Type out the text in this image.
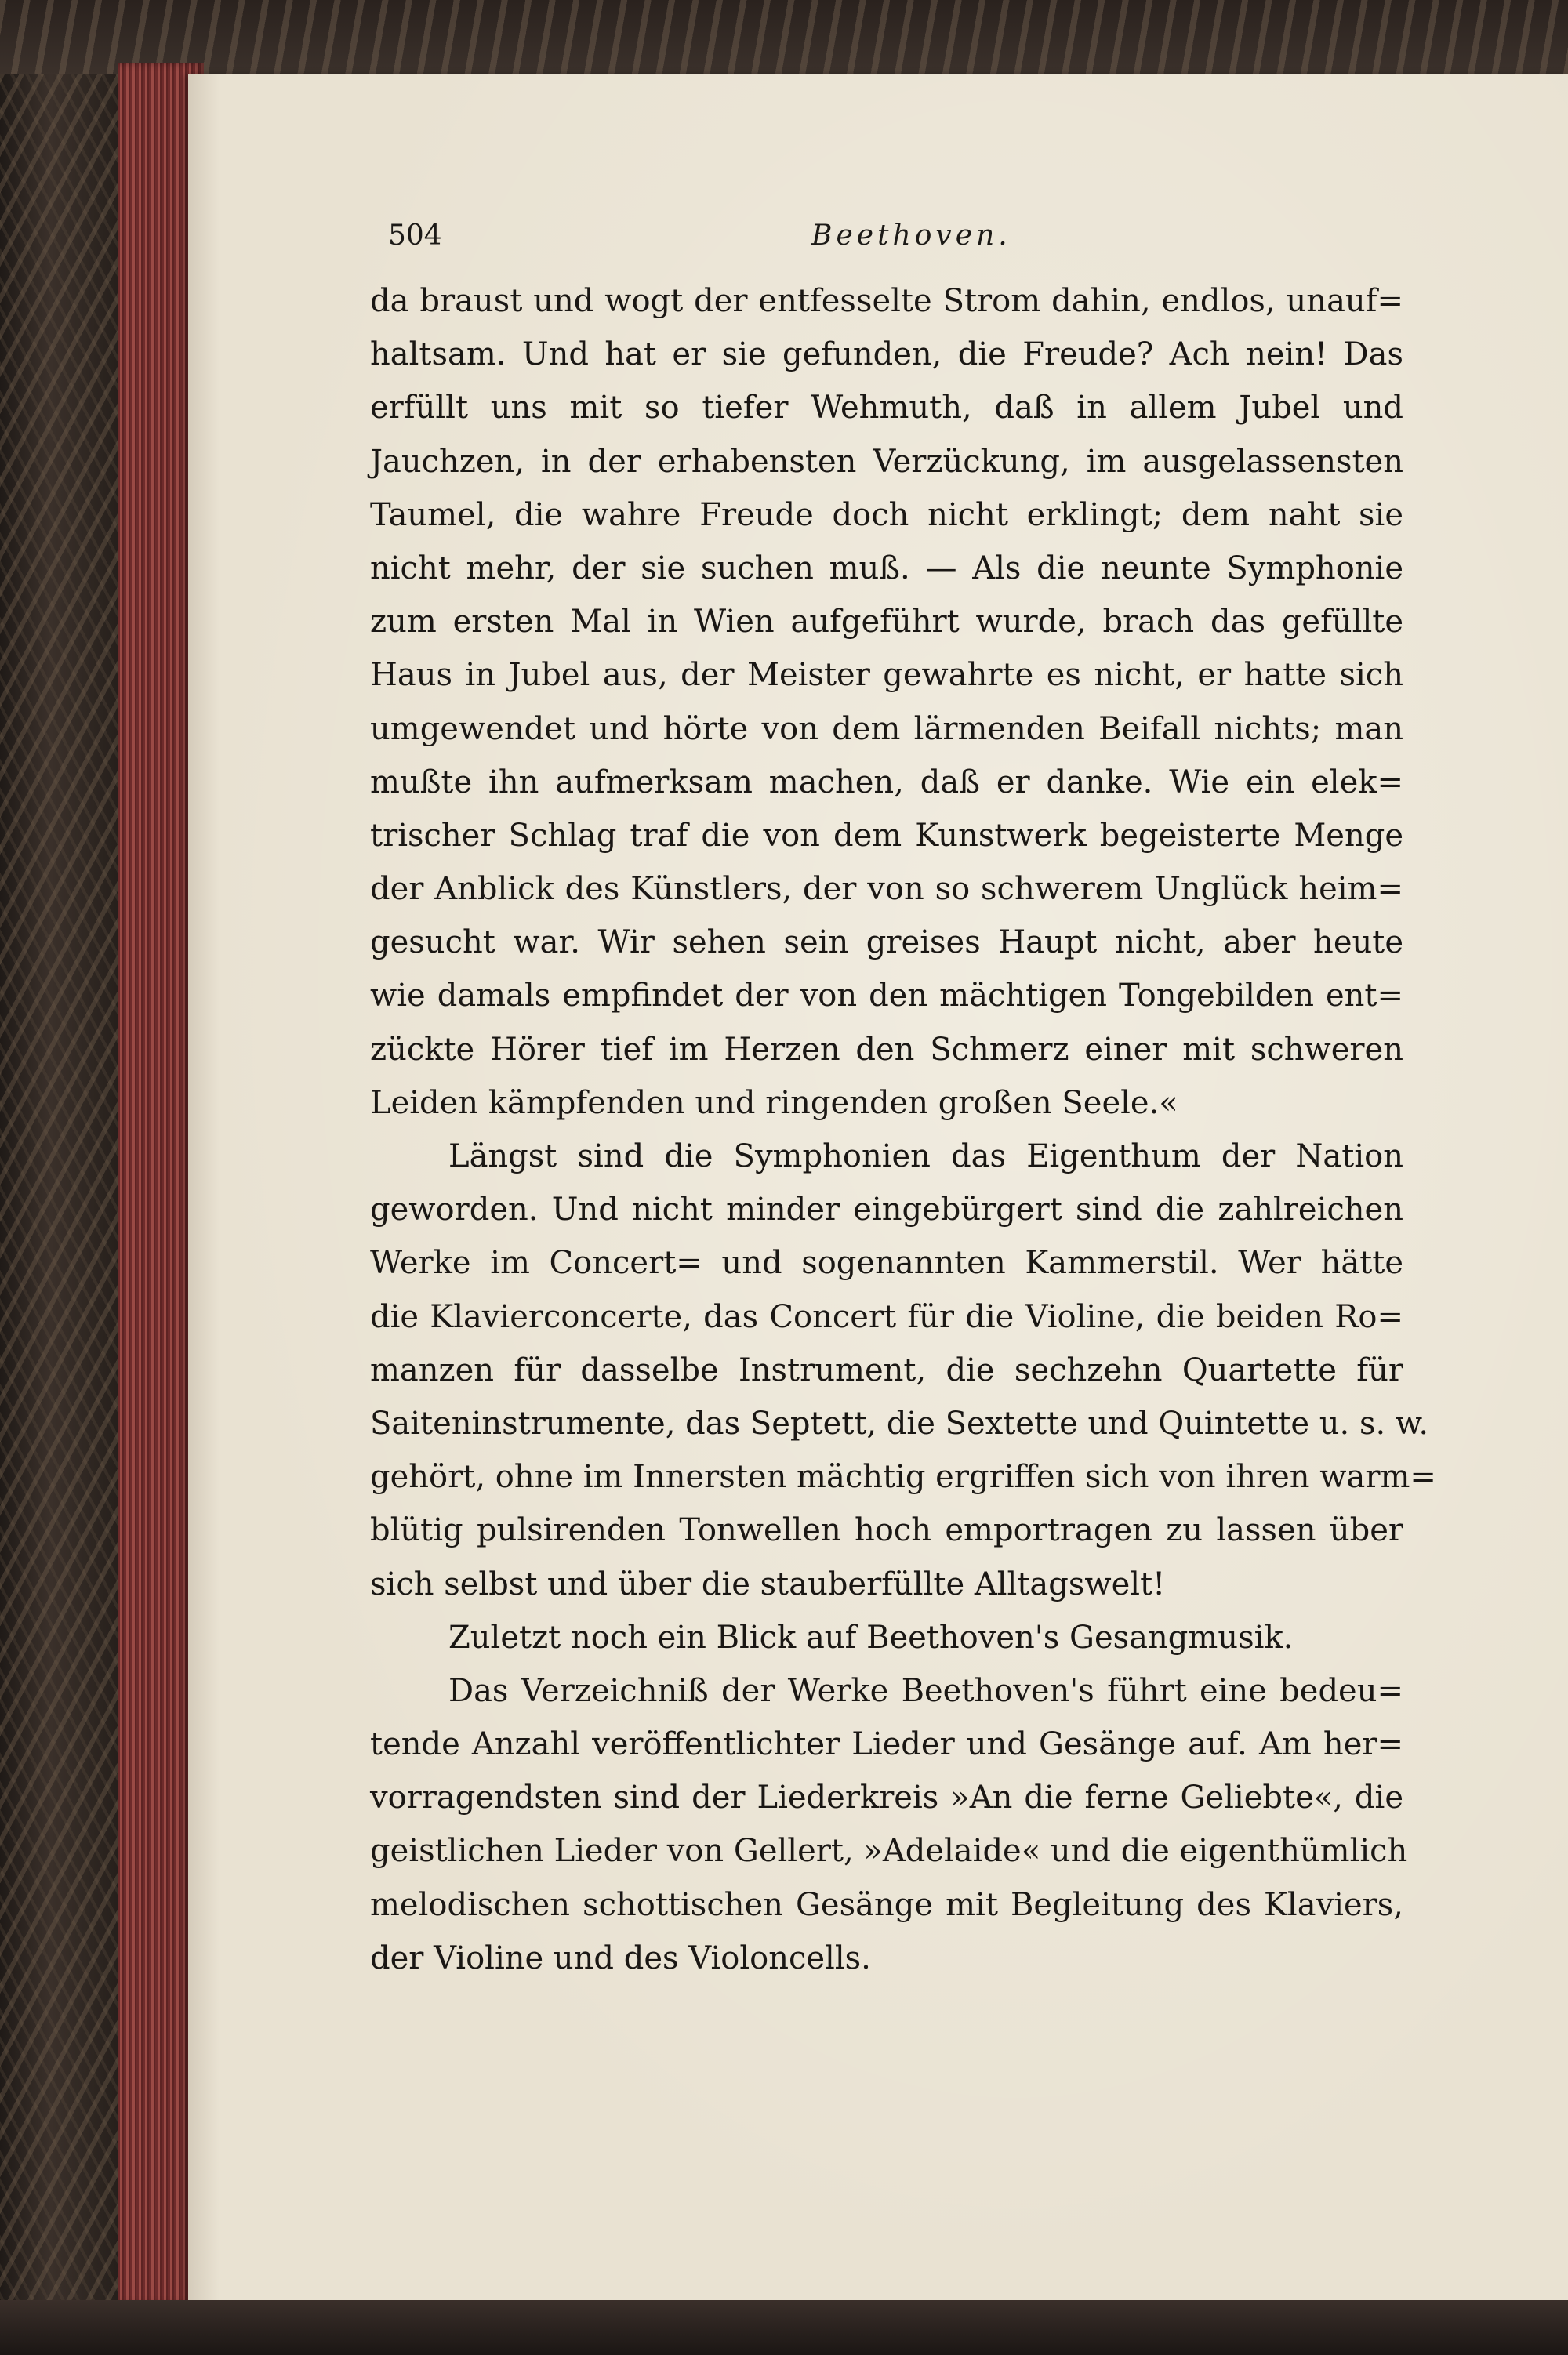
504	Beethoven.
da braust und wogt der entfesselte Strom dahin, endlos, unauf=
haltsam. Und hat er sie gefunden, die Freude? Ach nein! Das
erfüllt uns mit so tiefer Wehmuth, daß in allem Jubel und
Jauchzen, in der erhabensten Verzückung, im ausgelassensten
Taumel, die wahre Freude doch nicht erklingt; dem naht sie
nicht mehr, der sie suchen muß. — Als die neunte Symphonie
zum ersten Mal in Wien aufgeführt wurde, brach das gefüllte
Haus in Jubel aus, der Meister gewahrte es nicht, er hatte sich
umgewendet und hörte von dem lärmenden Beifall nichts; man
mußte ihn aufmerksam machen, daß er danke. Wie ein elek=
trischer Schlag traf die von dem Kunstwerk begeisterte Menge
der Anblick des Künstlers, der von so schwerem Unglück heim=
gesucht war. Wir sehen sein greises Haupt nicht, aber heute
wie damals empfindet der von den mächtigen Tongebilden ent=
zückte Hörer tief im Herzen den Schmerz einer mit schweren
Leiden kämpfenden und ringenden großen Seele.«
Längst sind die Symphonien das Eigenthum der Nation
geworden. Und nicht minder eingebürgert sind die zahlreichen
Werke im Concert= und sogenannten Kammerstil. Wer hätte
die Klavierconcerte, das Concert für die Violine, die beiden Ro=
manzen für dasselbe Instrument, die sechzehn Quartette für
Saiteninstrumente, das Septett, die Sextette und Quintette u. s. w.
gehört, ohne im Innersten mächtig ergriffen sich von ihren warm=
blütig pulsirenden Tonwellen hoch emportragen zu lassen über
sich selbst und über die stauberfüllte Alltagswelt!
Zuletzt noch ein Blick auf Beethoven's Gesangmusik.
Das Verzeichniß der Werke Beethoven's führt eine bedeu=
tende Anzahl veröffentlichter Lieder und Gesänge auf. Am her=
vorragendsten sind der Liederkreis »An die ferne Geliebte«, die
geistlichen Lieder von Gellert, »Adelaide« und die eigenthümlich
melodischen schottischen Gesänge mit Begleitung des Klaviers,
der Violine und des Violoncells.
